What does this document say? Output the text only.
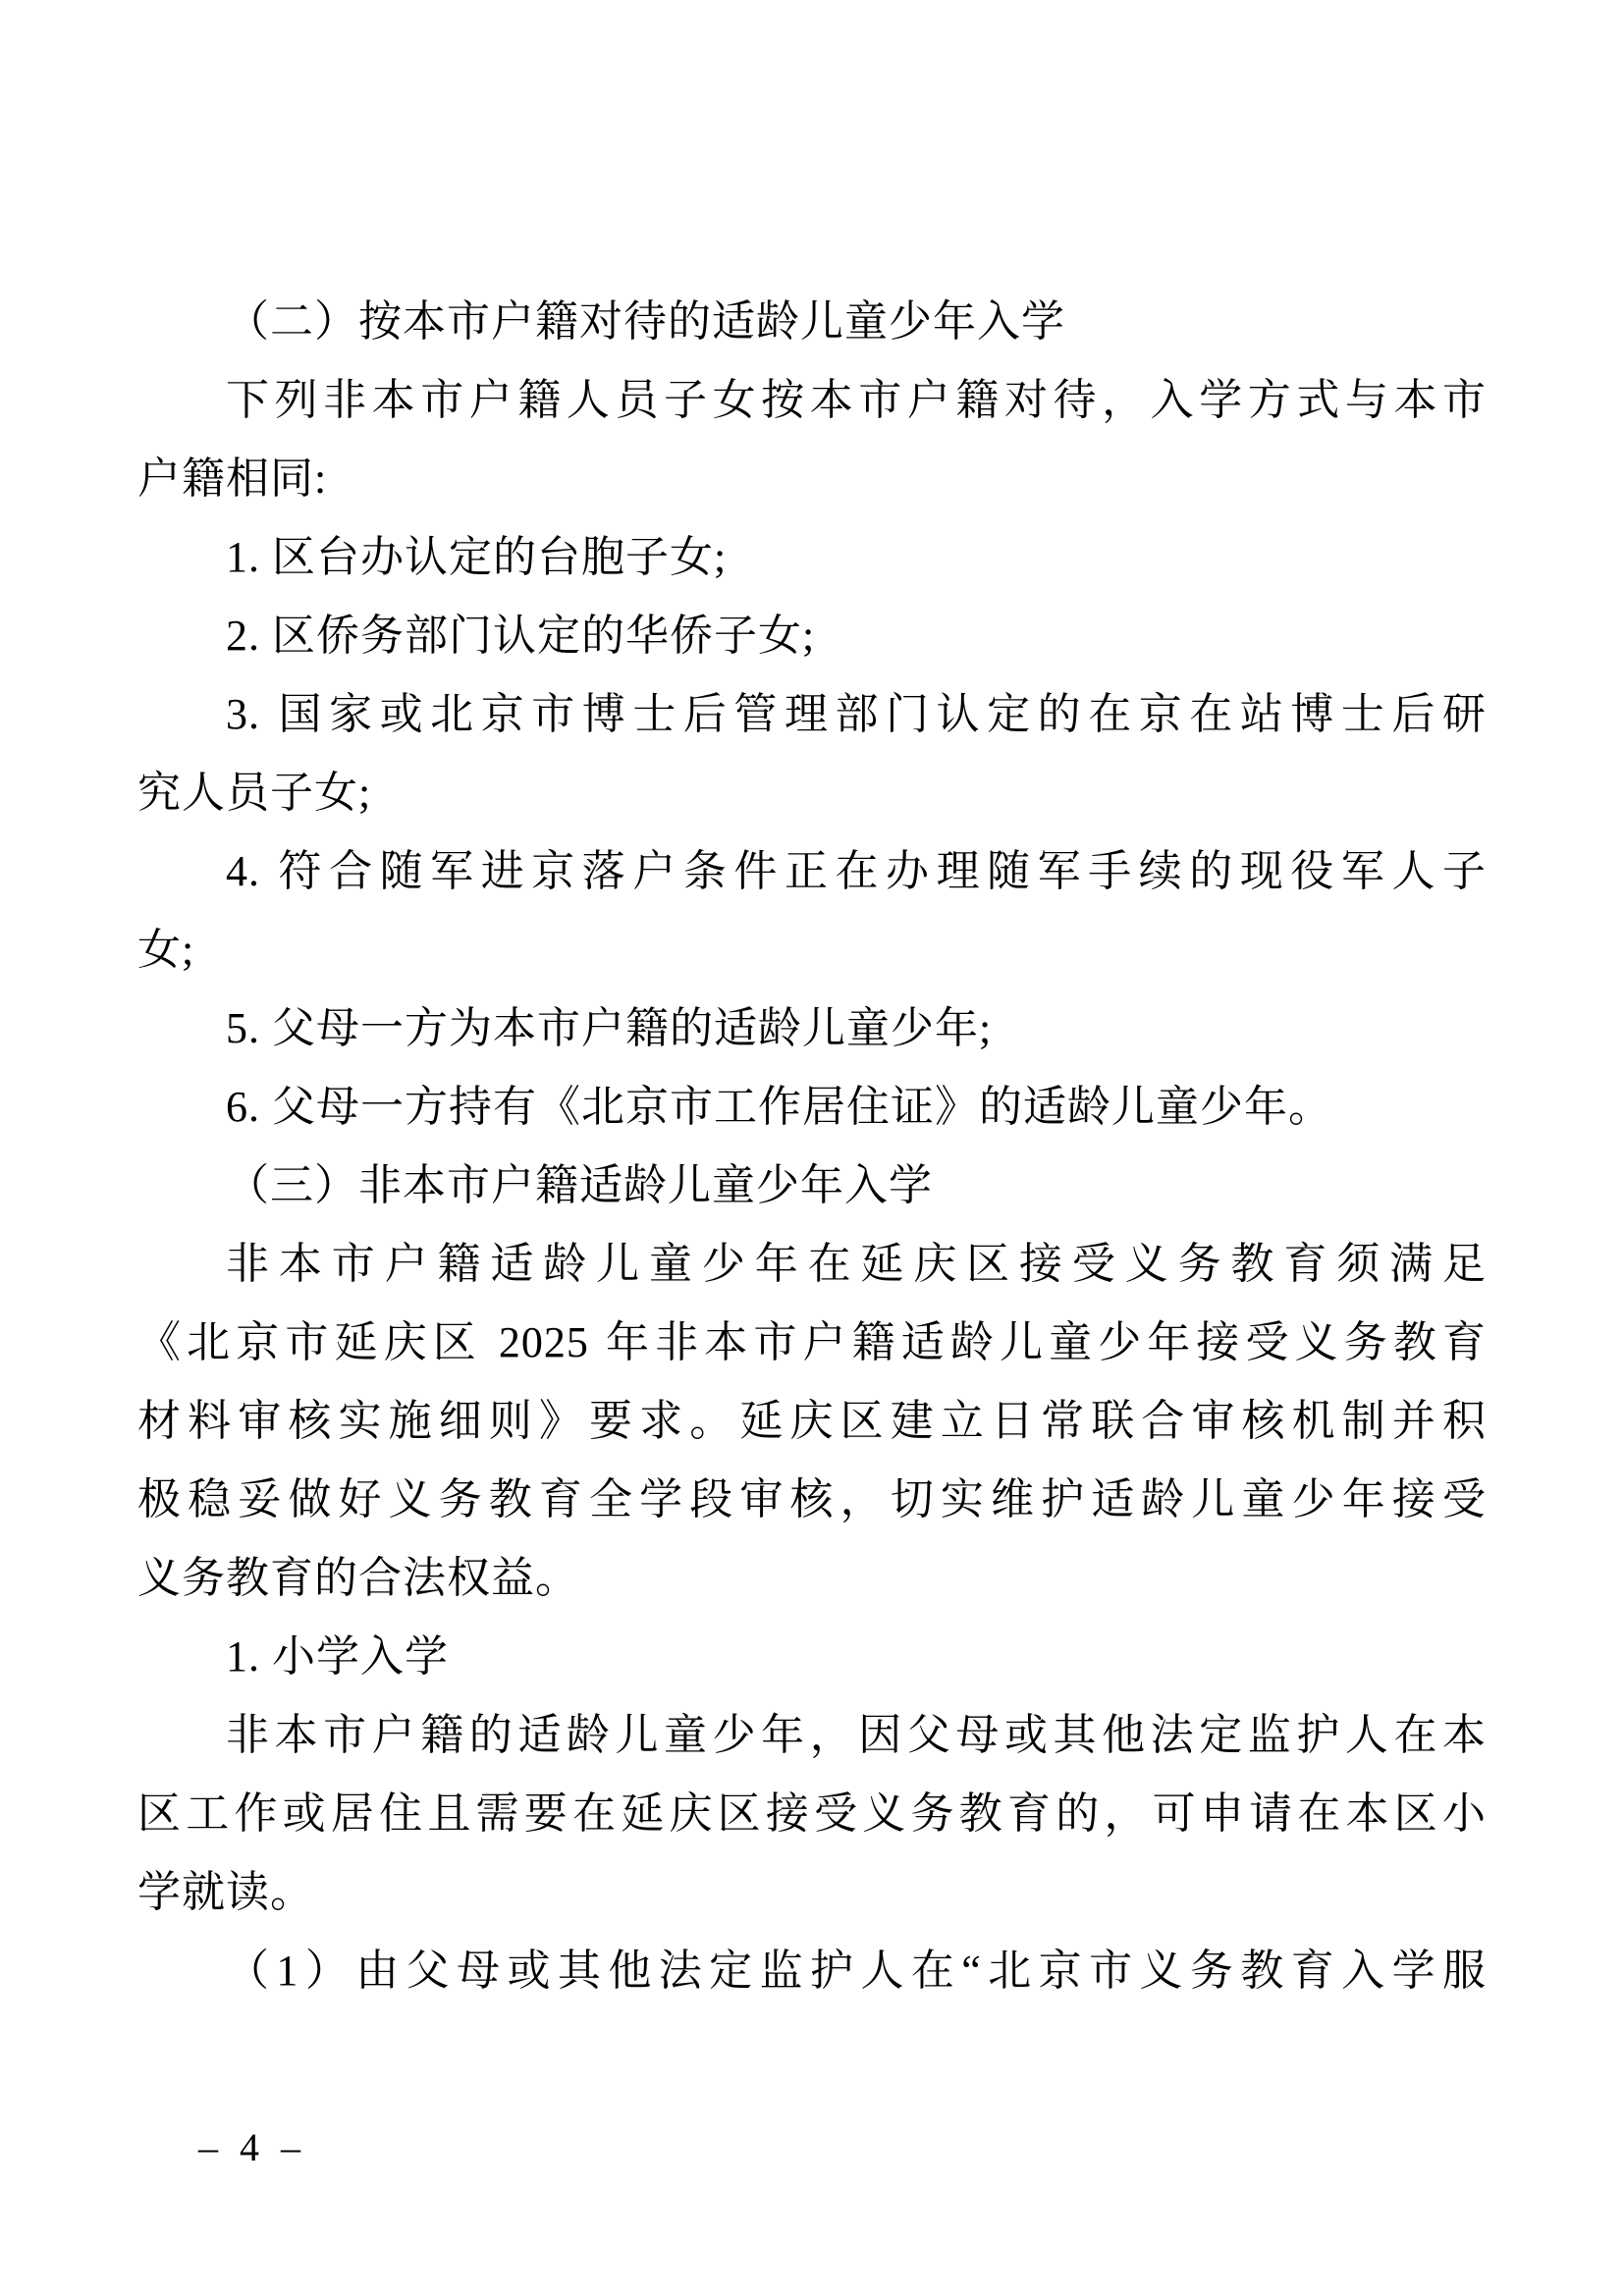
（二）按本市户籍对待的适龄儿童少年入学
下列非本市户籍人员子女按本市户籍对待，入学方式与本市
户籍相同:
1. 区台办认定的台胞子女;
2. 区侨务部门认定的华侨子女;
3. 国家或北京市博士后管理部门认定的在京在站博士后研
究人员子女;
4. 符合随军进京落户条件正在办理随军手续的现役军人子
女;
5. 父母一方为本市户籍的适龄儿童少年;
6. 父母一方持有《北京市工作居住证》的适龄儿童少年。
（三）非本市户籍适龄儿童少年入学
非本市户籍适龄儿童少年在延庆区接受义务教育须满足
《北京市延庆区 2025 年非本市户籍适龄儿童少年接受义务教育
材料审核实施细则》要求。延庆区建立日常联合审核机制并积
极稳妥做好义务教育全学段审核，切实维护适龄儿童少年接受
义务教育的合法权益。
1. 小学入学
非本市户籍的适龄儿童少年，因父母或其他法定监护人在本
区工作或居住且需要在延庆区接受义务教育的，可申请在本区小
学就读。
（1）由父母或其他法定监护人在“北京市义务教育入学服
– 4 –
